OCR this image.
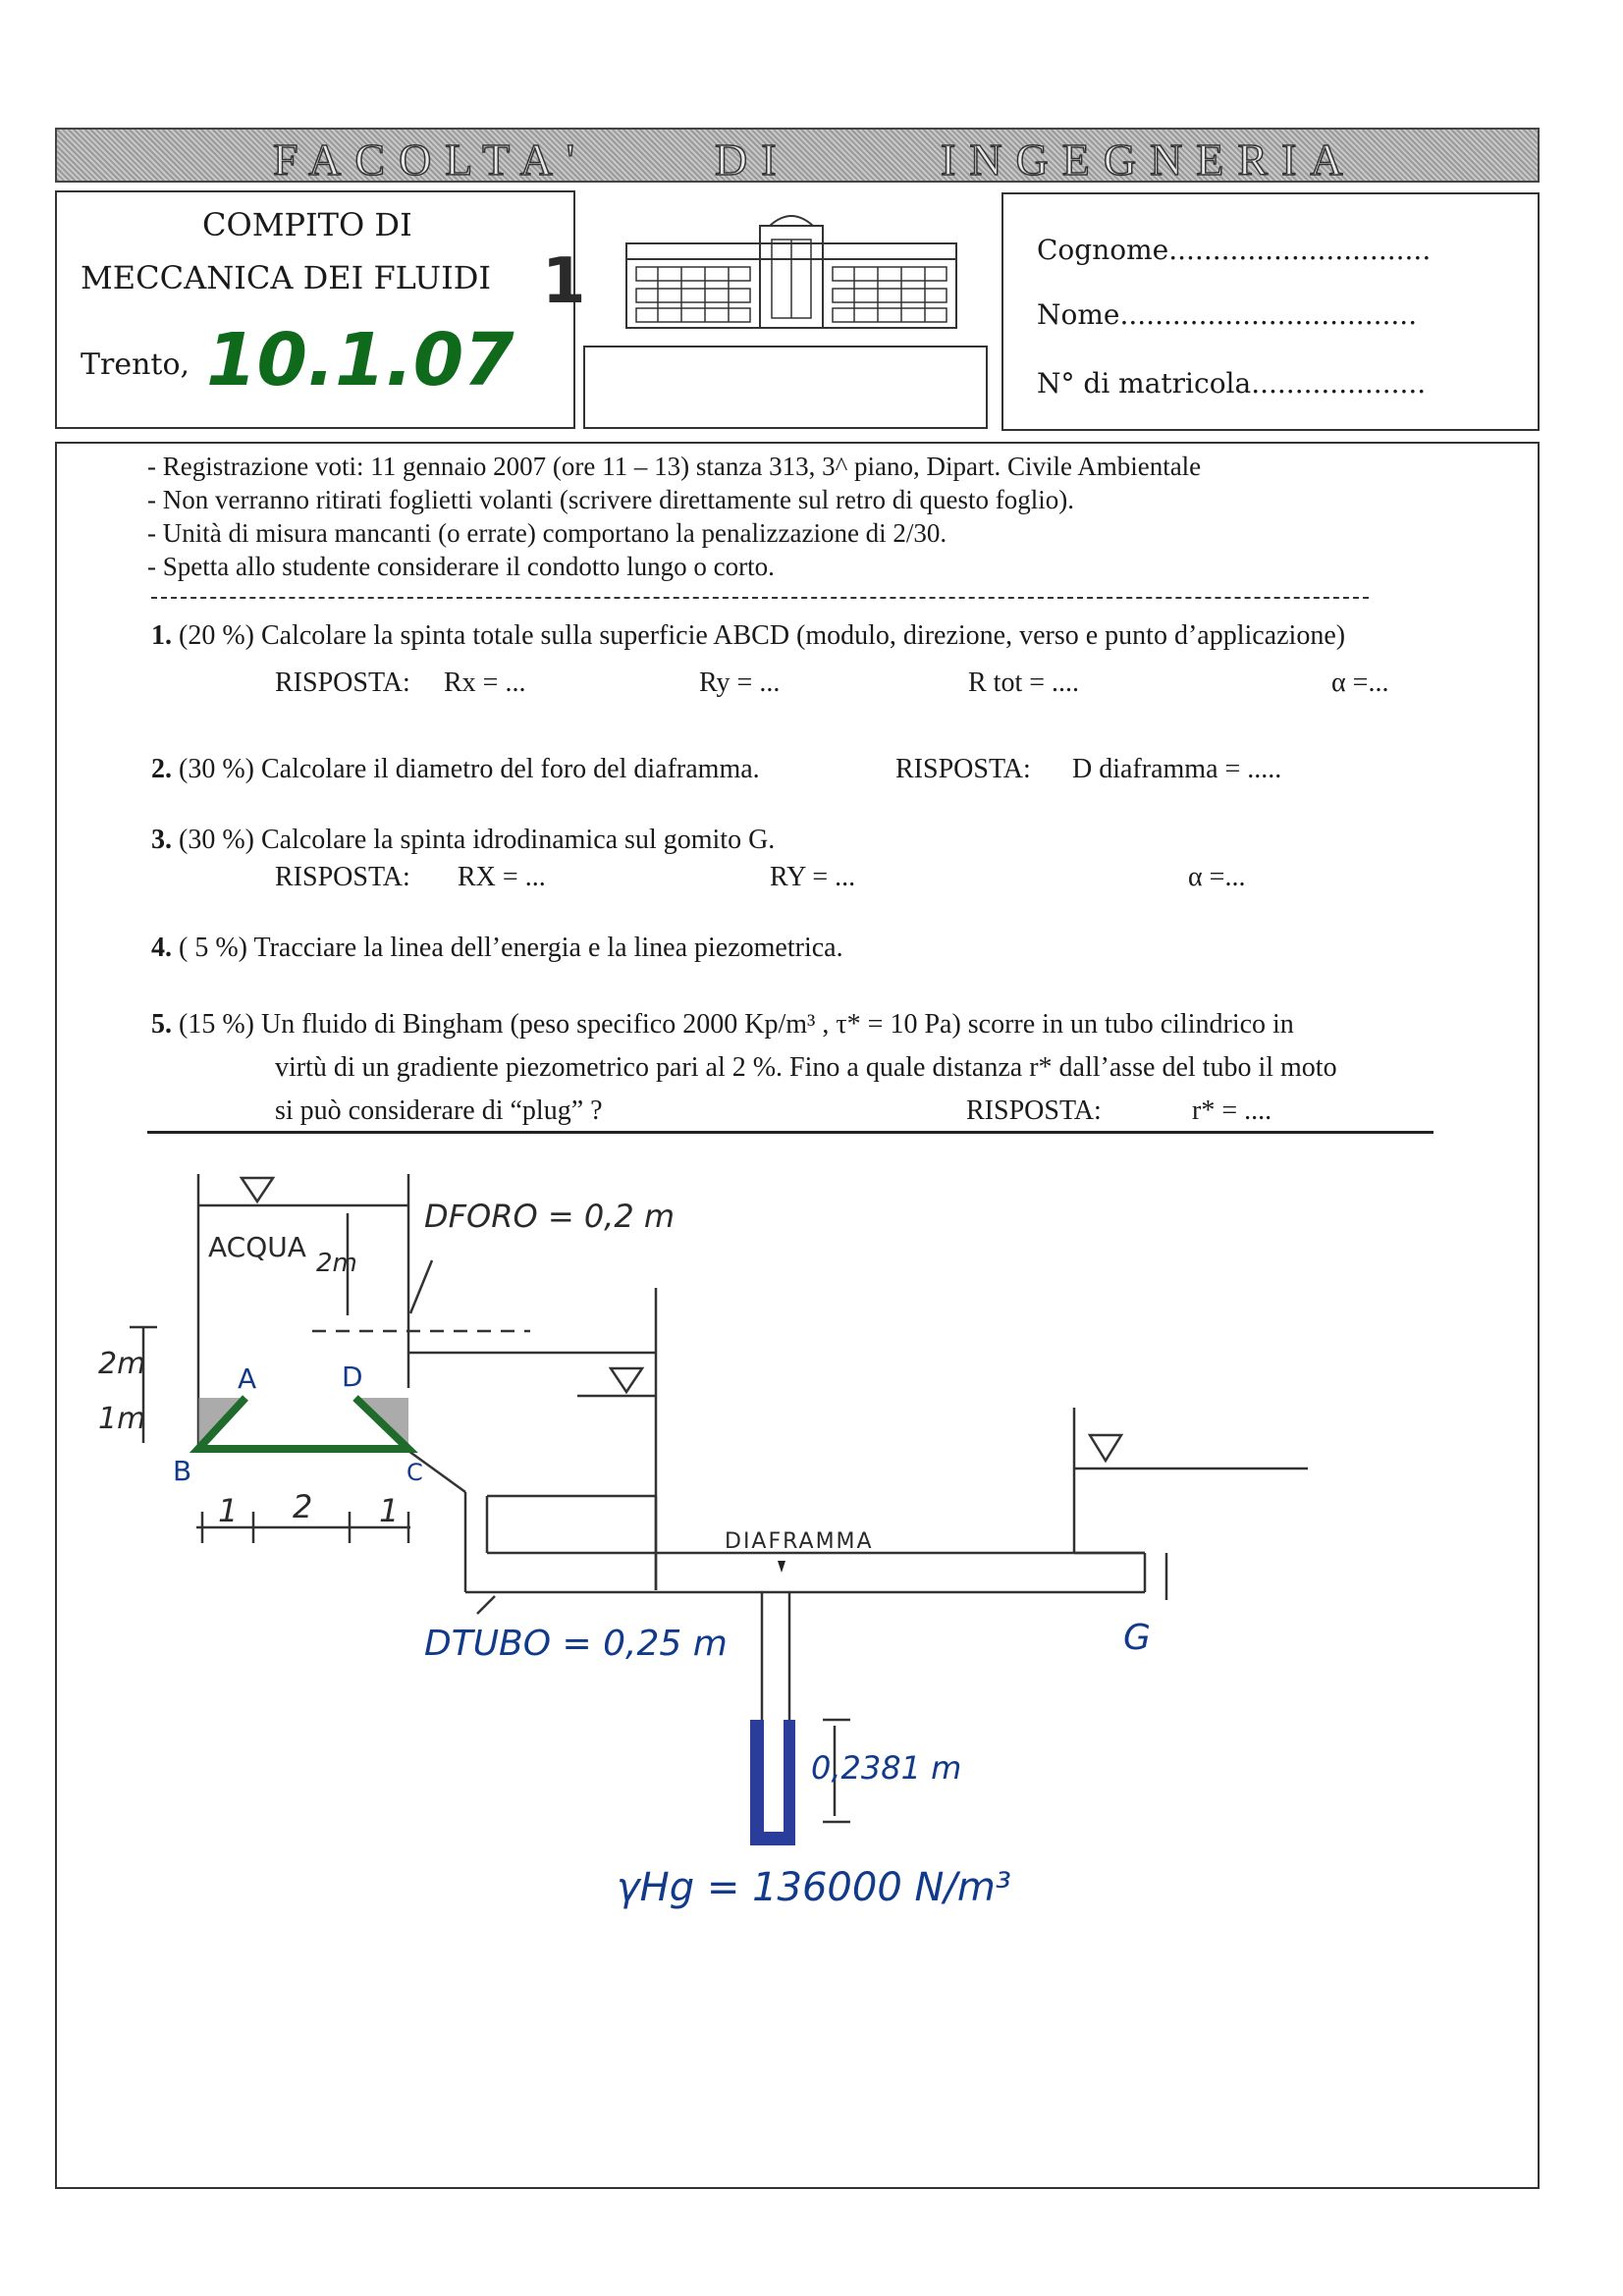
FACOLTA'	DI	INGEGNERIA
COMPITO DI
MECCANICA DEI FLUIDI 1
Trento, 10.1.07
Cognome..............................
Nome..................................
N° di matricola....................
- Registrazione voti: 11 gennaio 2007 (ore 11 – 13) stanza 313, 3^ piano, Dipart. Civile Ambientale
- Non verranno ritirati foglietti volanti (scrivere direttamente sul retro di questo foglio).
- Unità di misura mancanti (o errate) comportano la penalizzazione di 2/30.
- Spetta allo studente considerare il condotto lungo o corto.
1. (20 %) Calcolare la spinta totale sulla superficie ABCD (modulo, direzione, verso e punto d’applicazione)
RISPOSTA: Rx = ...	Ry = ...	R tot = ....	α =...
2. (30 %) Calcolare il diametro del foro del diaframma.	RISPOSTA: D diaframma = .....
3. (30 %) Calcolare la spinta idrodinamica sul gomito G.
RISPOSTA: RX = ...	RY = ...	α =...
4. ( 5 %) Tracciare la linea dell’energia e la linea piezometrica.
5. (15 %) Un fluido di Bingham (peso specifico 2000 Kp/m³ , τ* = 10 Pa) scorre in un tubo cilindrico in
virtù di un gradiente piezometrico pari al 2 %. Fino a quale distanza r* dall’asse del tubo il moto
si può considerare di “plug” ?	RISPOSTA:	r* = ....
DFORO = 0,2 m
ACQUA 2m
2m
1m
A	D
B	C
1 2 1
DIAFRAMMA
DTUBO = 0,25 m	G
0,2381 m
γHg = 136000 N/m³
